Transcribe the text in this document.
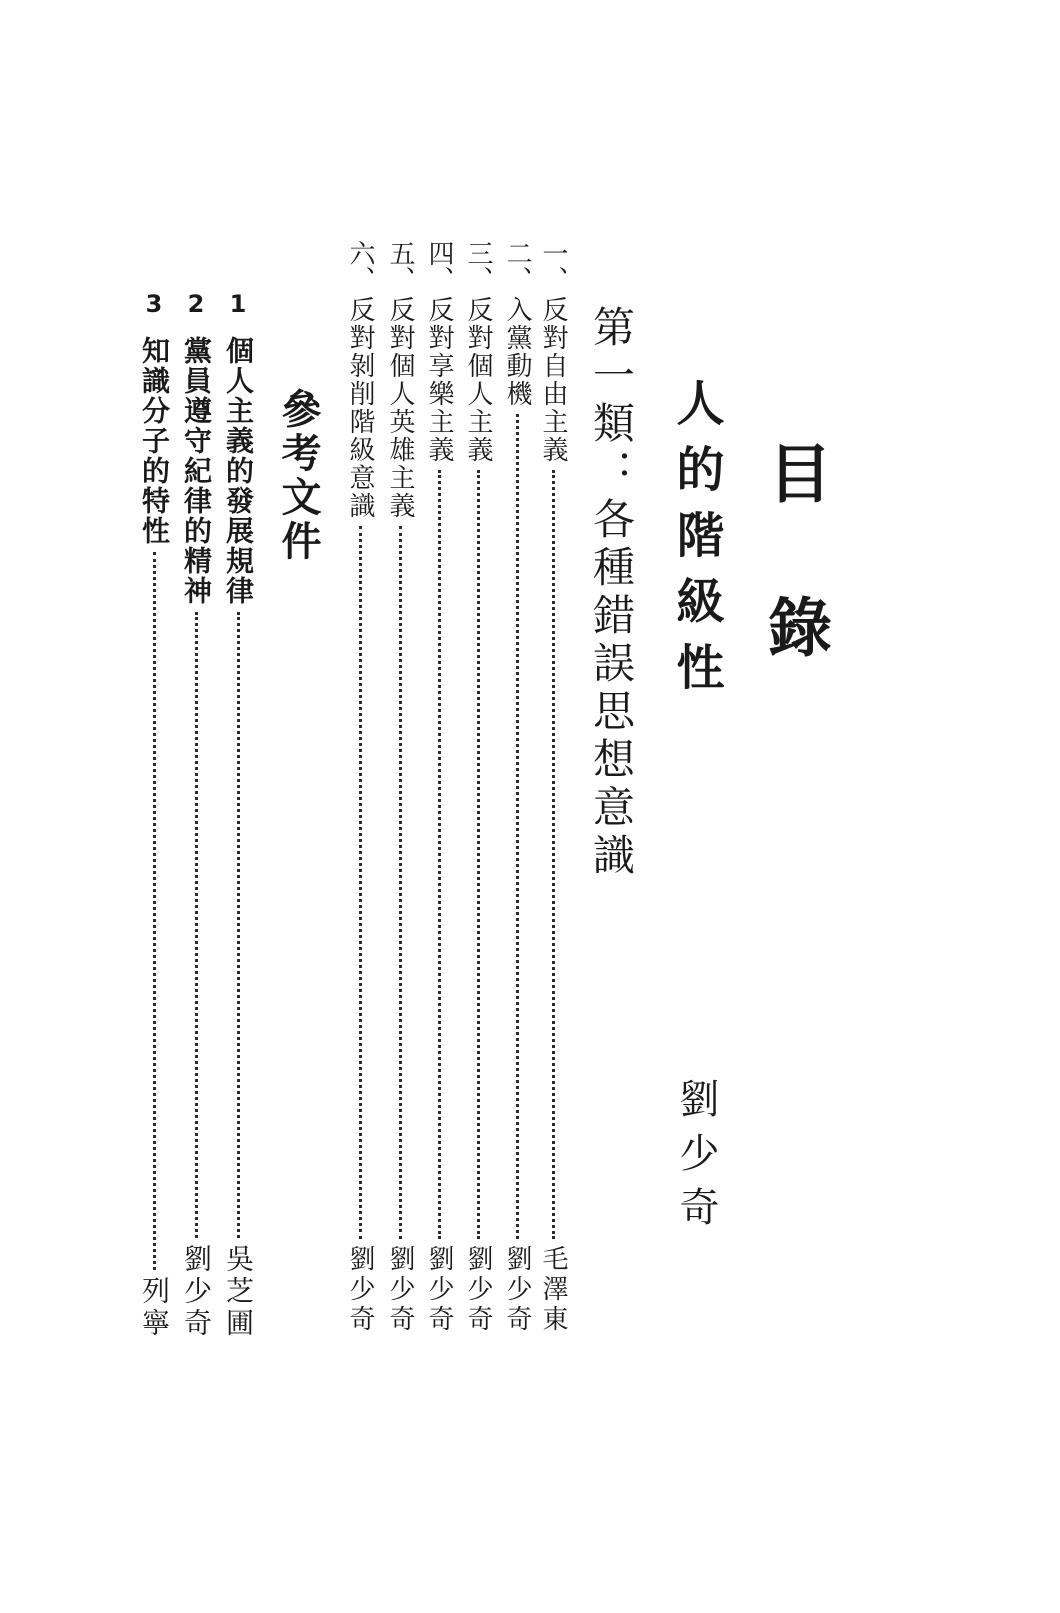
目錄
人的階級性
劉少奇
第一類：各種錯誤思想意識
一、
反對自由主義
毛澤東
二、
入黨動機
劉少奇
三、
反對個人主義
劉少奇
四、
反對享樂主義
劉少奇
五、
反對個人英雄主義
劉少奇
六、
反對剝削階級意識
劉少奇
參考文件
1
個人主義的發展規律
吳芝圃
2
黨員遵守紀律的精神
劉少奇
3
知識分子的特性
列寧
